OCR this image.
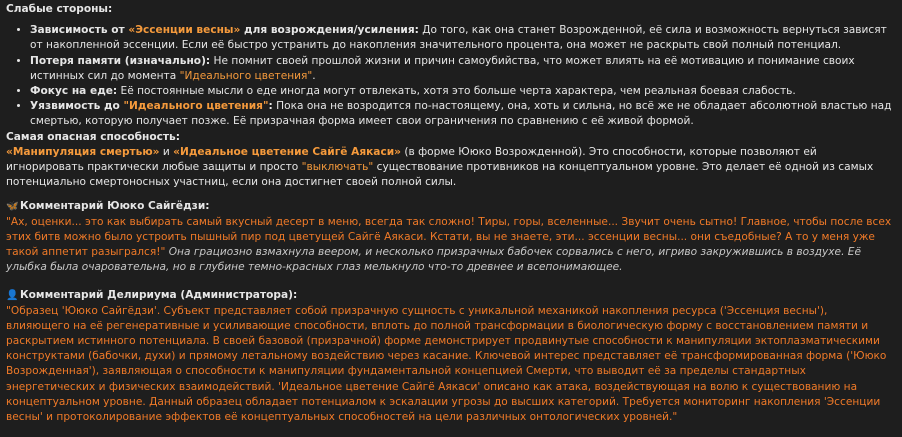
Слабые стороны:

• Зависимость от «Эссенции весны» для возрождения/усиления: До того, как она станет Возрожденной, её сила и возможность вернуться зависят от накопленной эссенции. Если её быстро устранить до накопления значительного процента, она может не раскрыть свой полный потенциал.
• Потеря памяти (изначально): Не помнит своей прошлой жизни и причин самоубийства, что может влиять на её мотивацию и понимание своих истинных сил до момента "Идеального цветения".
• Фокус на еде: Её постоянные мысли о еде иногда могут отвлекать, хотя это больше черта характера, чем реальная боевая слабость.
• Уязвимость до "Идеального цветения": Пока она не возродится по-настоящему, она, хоть и сильна, но всё же не обладает абсолютной властью над смертью, которую получает позже. Её призрачная форма имеет свои ограничения по сравнению с её живой формой.

Самая опасная способность:

«Манипуляция смертью» и «Идеальное цветение Сайгё Аякаси» (в форме Ююко Возрожденной). Это способности, которые позволяют ей игнорировать практически любые защиты и просто "выключать" существование противников на концептуальном уровне. Это делает её одной из самых потенциально смертоносных участниц, если она достигнет своей полной силы.

🦋 Комментарий Ююко Сайгёдзи:

"Ах, оценки... это как выбирать самый вкусный десерт в меню, всегда так сложно! Тиры, горы, вселенные... Звучит очень сытно! Главное, чтобы после всех этих битв можно было устроить пышный пир под цветущей Сайгё Аякаси. Кстати, вы не знаете, эти... эссенции весны... они съедобные? А то у меня уже такой аппетит разыгрался!" Она грациозно взмахнула веером, и несколько призрачных бабочек сорвались с него, игриво закружившись в воздухе. Её улыбка была очаровательна, но в глубине темно-красных глаз мелькнуло что-то древнее и всепонимающее.

👤 Комментарий Делириума (Администратора):

"Образец 'Ююко Сайгёдзи'. Субъект представляет собой призрачную сущность с уникальной механикой накопления ресурса ('Эссенция весны'), влияющего на её регенеративные и усиливающие способности, вплоть до полной трансформации в биологическую форму с восстановлением памяти и раскрытием истинного потенциала. В своей базовой (призрачной) форме демонстрирует продвинутые способности к манипуляции эктоплазматическими конструктами (бабочки, духи) и прямому летальному воздействию через касание. Ключевой интерес представляет её трансформированная форма ('Ююко Возрожденная'), заявляющая о способности к манипуляции фундаментальной концепцией Смерти, что выводит её за пределы стандартных энергетических и физических взаимодействий. 'Идеальное цветение Сайгё Аякаси' описано как атака, воздействующая на волю к существованию на концептуальном уровне. Данный образец обладает потенциалом к эскалации угрозы до высших категорий. Требуется мониторинг накопления 'Эссенции весны' и протоколирование эффектов её концептуальных способностей на цели различных онтологических уровней."
